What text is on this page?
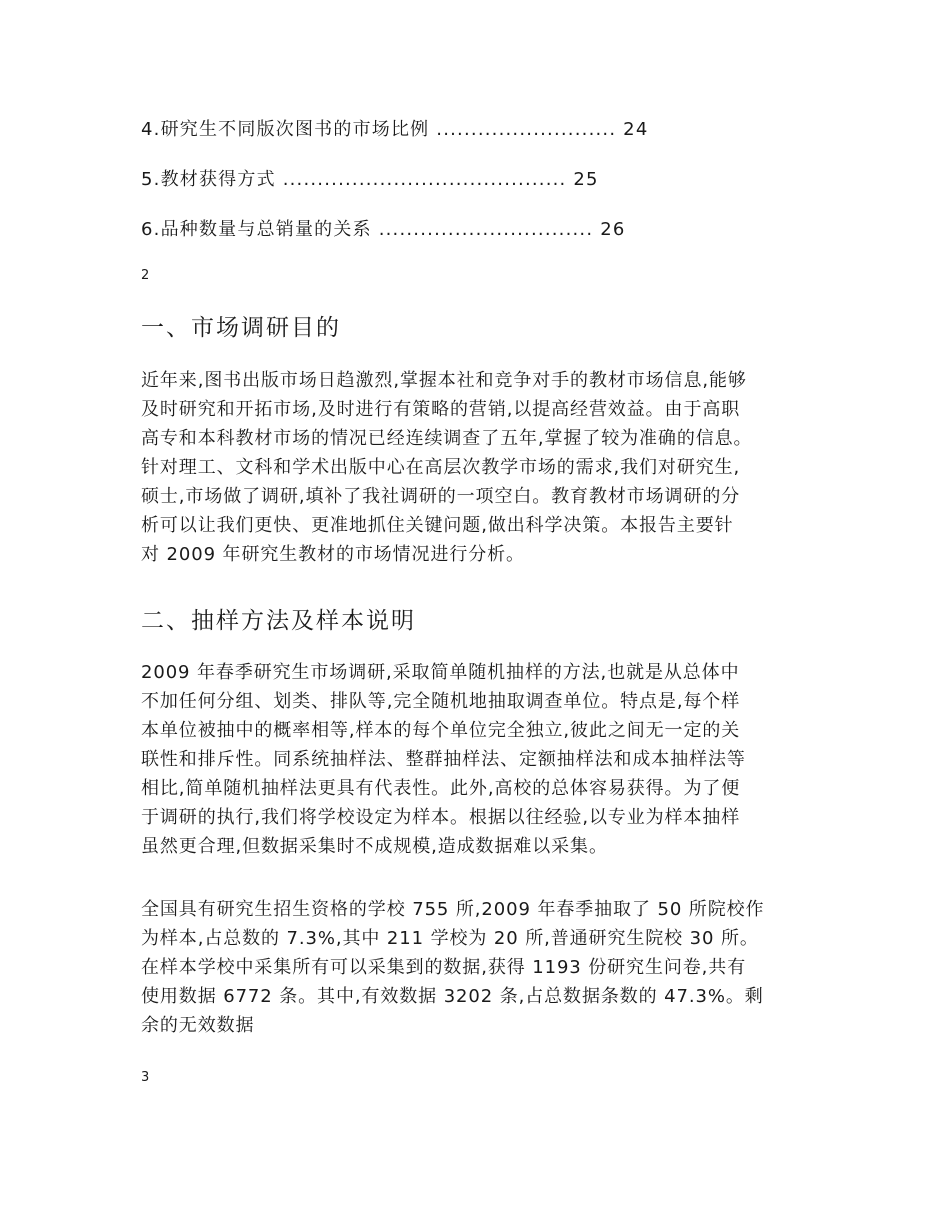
4.研究生不同版次图书的市场比例 .......................... 24
5.教材获得方式 ......................................... 25
6.品种数量与总销量的关系 ............................... 26
2
一、市场调研目的
近年来,图书出版市场日趋激烈,掌握本社和竞争对手的教材市场信息,能够
及时研究和开拓市场,及时进行有策略的营销,以提高经营效益。由于高职
高专和本科教材市场的情况已经连续调查了五年,掌握了较为准确的信息。
针对理工、文科和学术出版中心在高层次教学市场的需求,我们对研究生,
硕士,市场做了调研,填补了我社调研的一项空白。教育教材市场调研的分
析可以让我们更快、更准地抓住关键问题,做出科学决策。本报告主要针
对 2009 年研究生教材的市场情况进行分析。
二、抽样方法及样本说明
2009 年春季研究生市场调研,采取简单随机抽样的方法,也就是从总体中
不加任何分组、划类、排队等,完全随机地抽取调查单位。特点是,每个样
本单位被抽中的概率相等,样本的每个单位完全独立,彼此之间无一定的关
联性和排斥性。同系统抽样法、整群抽样法、定额抽样法和成本抽样法等
相比,简单随机抽样法更具有代表性。此外,高校的总体容易获得。为了便
于调研的执行,我们将学校设定为样本。根据以往经验,以专业为样本抽样
虽然更合理,但数据采集时不成规模,造成数据难以采集。
全国具有研究生招生资格的学校 755 所,2009 年春季抽取了 50 所院校作
为样本,占总数的 7.3%,其中 211 学校为 20 所,普通研究生院校 30 所。
在样本学校中采集所有可以采集到的数据,获得 1193 份研究生问卷,共有
使用数据 6772 条。其中,有效数据 3202 条,占总数据条数的 47.3%。剩
余的无效数据
3
